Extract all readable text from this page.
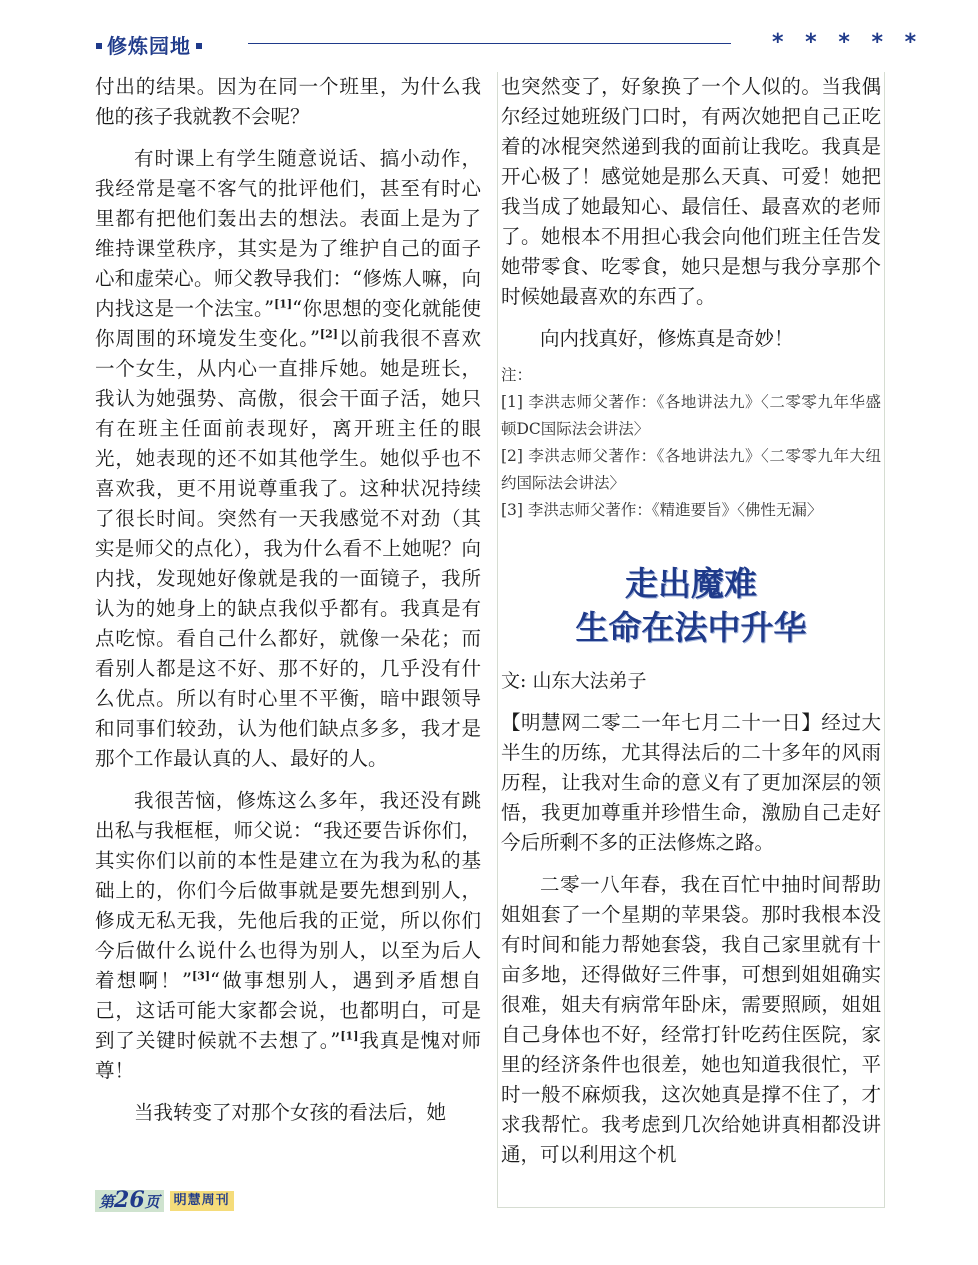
修炼园地	* * * * *

付出的结果。因为在同一个班里，为什么我他的孩子我就教不会呢？

有时课上有学生随意说话、搞小动作，我经常是毫不客气的批评他们，甚至有时心里都有把他们轰出去的想法。表面上是为了维持课堂秩序，其实是为了维护自己的面子心和虚荣心。师父教导我们：“修炼人嘛，向内找这是一个法宝。”[1]“你思想的变化就能使你周围的环境发生变化。”[2]以前我很不喜欢一个女生，从内心一直排斥她。她是班长，我认为她强势、高傲，很会干面子活，她只有在班主任面前表现好，离开班主任的眼光，她表现的还不如其他学生。她似乎也不喜欢我，更不用说尊重我了。这种状况持续了很长时间。突然有一天我感觉不对劲（其实是师父的点化），我为什么看不上她呢？向内找，发现她好像就是我的一面镜子，我所认为的她身上的缺点我似乎都有。我真是有点吃惊。看自己什么都好，就像一朵花；而看别人都是这不好、那不好的，几乎没有什么优点。所以有时心里不平衡，暗中跟领导和同事们较劲，认为他们缺点多多，我才是那个工作最认真的人、最好的人。

我很苦恼，修炼这么多年，我还没有跳出私与我框框，师父说：“我还要告诉你们，其实你们以前的本性是建立在为我为私的基础上的，你们今后做事就是要先想到别人，修成无私无我，先他后我的正觉，所以你们今后做什么说什么也得为别人，以至为后人着想啊！”[3]“做事想别人，遇到矛盾想自己，这话可能大家都会说，也都明白，可是到了关键时候就不去想了。”[1]我真是愧对师尊！

当我转变了对那个女孩的看法后，她

也突然变了，好象换了一个人似的。当我偶尔经过她班级门口时，有两次她把自己正吃着的冰棍突然递到我的面前让我吃。我真是开心极了！感觉她是那么天真、可爱！她把我当成了她最知心、最信任、最喜欢的老师了。她根本不用担心我会向他们班主任告发她带零食、吃零食，她只是想与我分享那个时候她最喜欢的东西了。

向内找真好，修炼真是奇妙！

注：
[1] 李洪志师父著作：《各地讲法九》〈二零零九年华盛顿DC国际法会讲法〉
[2] 李洪志师父著作：《各地讲法九》〈二零零九年大纽约国际法会讲法〉
[3] 李洪志师父著作：《精進要旨》〈佛性无漏〉
走出魔难
生命在法中升华
文: 山东大法弟子

【明慧网二零二一年七月二十一日】经过大半生的历练，尤其得法后的二十多年的风雨历程，让我对生命的意义有了更加深层的领悟，我更加尊重并珍惜生命，激励自己走好今后所剩不多的正法修炼之路。

二零一八年春，我在百忙中抽时间帮助姐姐套了一个星期的苹果袋。那时我根本没有时间和能力帮她套袋，我自己家里就有十亩多地，还得做好三件事，可想到姐姐确实很难，姐夫有病常年卧床，需要照顾，姐姐自己身体也不好，经常打针吃药住医院，家里的经济条件也很差，她也知道我很忙，平时一般不麻烦我，这次她真是撑不住了，才求我帮忙。我考虑到几次给她讲真相都没讲通，可以利用这个机

第26页 明慧周刊
